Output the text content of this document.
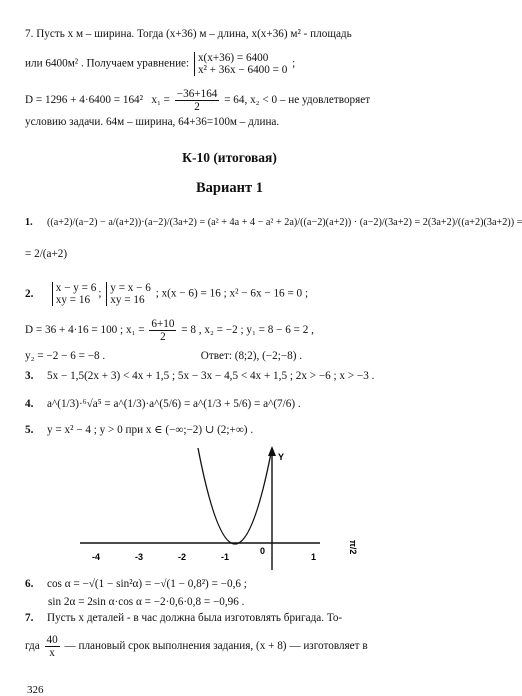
7. Пусть x м – ширина. Тогда (x+36) м – длина, x(x+36) м² - площадь
или 6400м² . Получаем уравнение: x(x+36) = 6400
x² + 36x − 6400 = 0
;
D = 1296 + 4·6400 = 164² $x_1 = \frac{-36+164}{2} = 64$, x₂ < 0 – не удовлетворяет
условию задачи. 64м – ширина, 64+36=100м – длина.
К-10 (итоговая)
Вариант 1
1. ((a+2)/(a−2) − a/(a+2))·(a−2)/(3a+2) = (a² + 4a + 4 − a² + 2a)/((a−2)(a+2)) · (a−2)/(3a+2) = 2(3a+2)/((a+2)(3a+2)) =
= 2/(a+2)
2. x − y = 6
xy = 16
; y = x − 6
xy = 16
; x(x − 6) = 16 ; x² − 6x − 16 = 0 ;
D = 36 + 4·16 = 100 ; $x_1 = \frac{6+10}{2} = 8$ , x₂ = −2 ; y₁ = 8 − 6 = 2 ,
y₂ = −2 − 6 = −8 .	Ответ: (8;2), (−2;−8) .
3. 5x − 1,5(2x + 3) < 4x + 1,5 ; 5x − 3x − 4,5 < 4x + 1,5 ; 2x > −6 ; x > −3 .
4. a^(1/3)·⁶√a⁵ = a^(1/3)·a^(5/6) = a^(1/3 + 5/6) = a^(7/6) .
5. y = x² − 4 ; y > 0 при x ∈ (−∞;−2) ∪ (2;+∞) .
Y
-4	-3	-2	-1
0
1
π/2
6. cos α = −√(1 − sin²α) = −√(1 − 0,8²) = −0,6 ;
sin 2α = 2sin α·cos α = −2·0,6·0,8 = −0,96 .
7. Пусть x деталей - в час должна была изготовлять бригада. То-
гда $\frac{40}{x}$ — плановый срок выполнения задания, (x + 8) — изготовляет в
326
